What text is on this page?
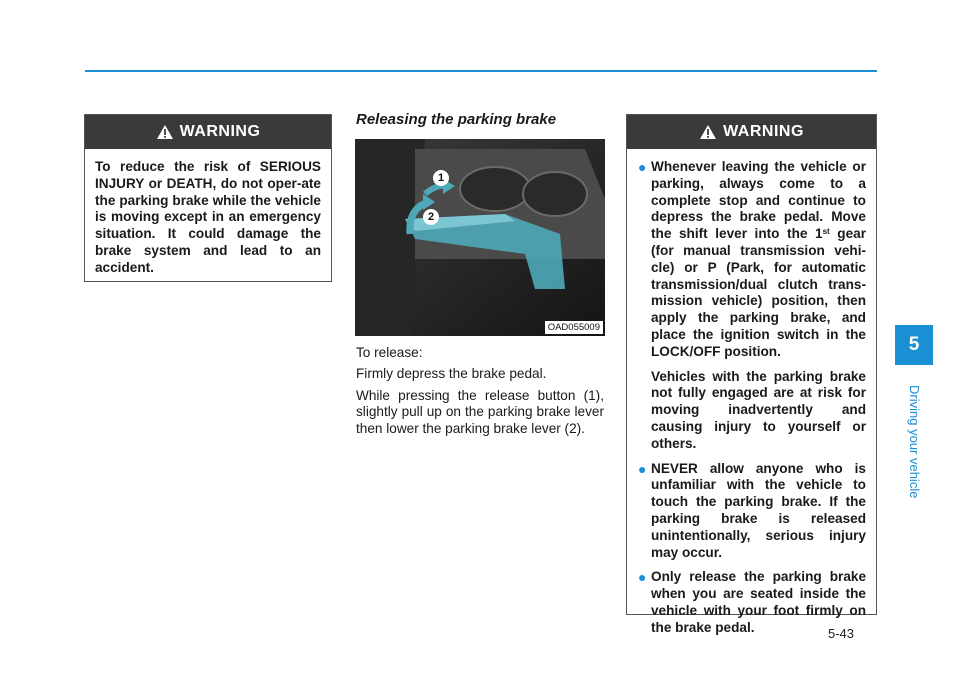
WARNING
To reduce the risk of SERIOUS INJURY or DEATH, do not oper-ate the parking brake while the vehicle is moving except in an emergency situation. It could damage the brake system and lead to an accident.
Releasing the parking brake
1
2
OAD055009

To release:

Firmly depress the brake pedal.

While pressing the release button (1), slightly pull up on the parking brake lever then lower the parking brake lever (2).

WARNING
● Whenever leaving the vehicle or parking, always come to a complete stop and continue to depress the brake pedal. Move the shift lever into the 1st gear (for manual transmission vehi-cle) or P (Park, for automatic transmission/dual clutch trans-mission vehicle) position, then apply the parking brake, and place the ignition switch in the LOCK/OFF position.

Vehicles with the parking brake not fully engaged are at risk for moving inadvertently and causing injury to yourself or others.

● NEVER allow anyone who is unfamiliar with the vehicle to touch the parking brake. If the parking brake is released unintentionally, serious injury may occur.

● Only release the parking brake when you are seated inside the vehicle with your foot firmly on the brake pedal.

5
Driving your vehicle
5-43
